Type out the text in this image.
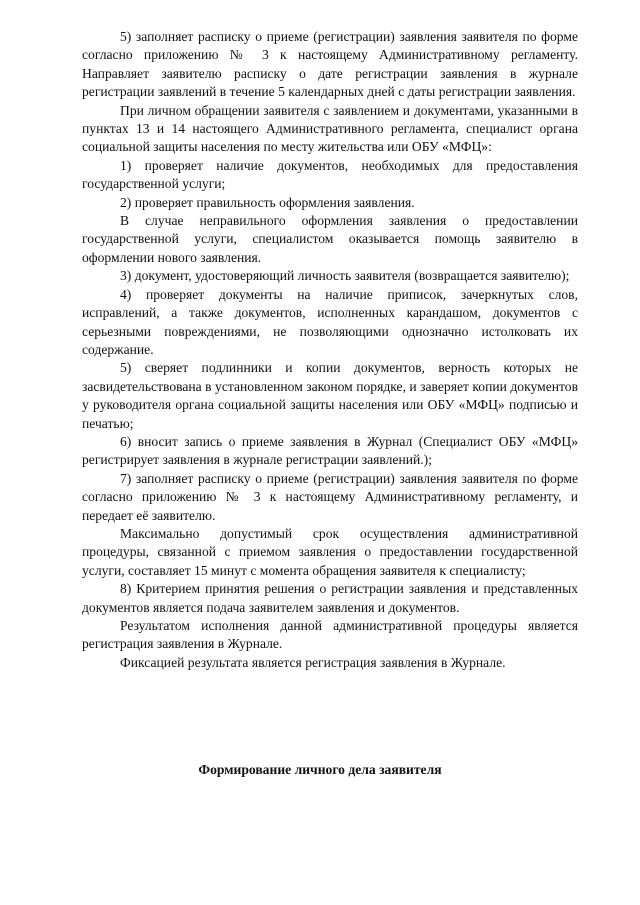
5) заполняет расписку о приеме (регистрации) заявления заявителя по форме согласно приложению № 3 к настоящему Административному регламенту. Направляет заявителю расписку о дате регистрации заявления в журнале регистрации заявлений в течение 5 календарных дней с даты регистрации заявления.

При личном обращении заявителя с заявлением и документами, указанными в пунктах 13 и 14 настоящего Административного регламента, специалист органа социальной защиты населения по месту жительства или ОБУ «МФЦ»:

1) проверяет наличие документов, необходимых для предоставления государственной услуги;

2) проверяет правильность оформления заявления.

В случае неправильного оформления заявления о предоставлении государственной услуги, специалистом оказывается помощь заявителю в оформлении нового заявления.

3) документ, удостоверяющий личность заявителя (возвращается заявителю);

4) проверяет документы на наличие приписок, зачеркнутых слов, исправлений, а также документов, исполненных карандашом, документов с серьезными повреждениями, не позволяющими однозначно истолковать их содержание.

5) сверяет подлинники и копии документов, верность которых не засвидетельствована в установленном законом порядке, и заверяет копии документов у руководителя органа социальной защиты населения или ОБУ «МФЦ» подписью и печатью;

6) вносит запись о приеме заявления в Журнал (Специалист ОБУ «МФЦ» регистрирует заявления в журнале регистрации заявлений.);

7) заполняет расписку о приеме (регистрации) заявления заявителя по форме согласно приложению № 3 к настоящему Административному регламенту, и передает её заявителю.

Максимально допустимый срок осуществления административной процедуры, связанной с приемом заявления о предоставлении государственной услуги, составляет 15 минут с момента обращения заявителя к специалисту;

8) Критерием принятия решения о регистрации заявления и представленных документов является подача заявителем заявления и документов.

Результатом исполнения данной административной процедуры является регистрация заявления в Журнале.

Фиксацией результата является регистрация заявления в Журнале.

Формирование личного дела заявителя
